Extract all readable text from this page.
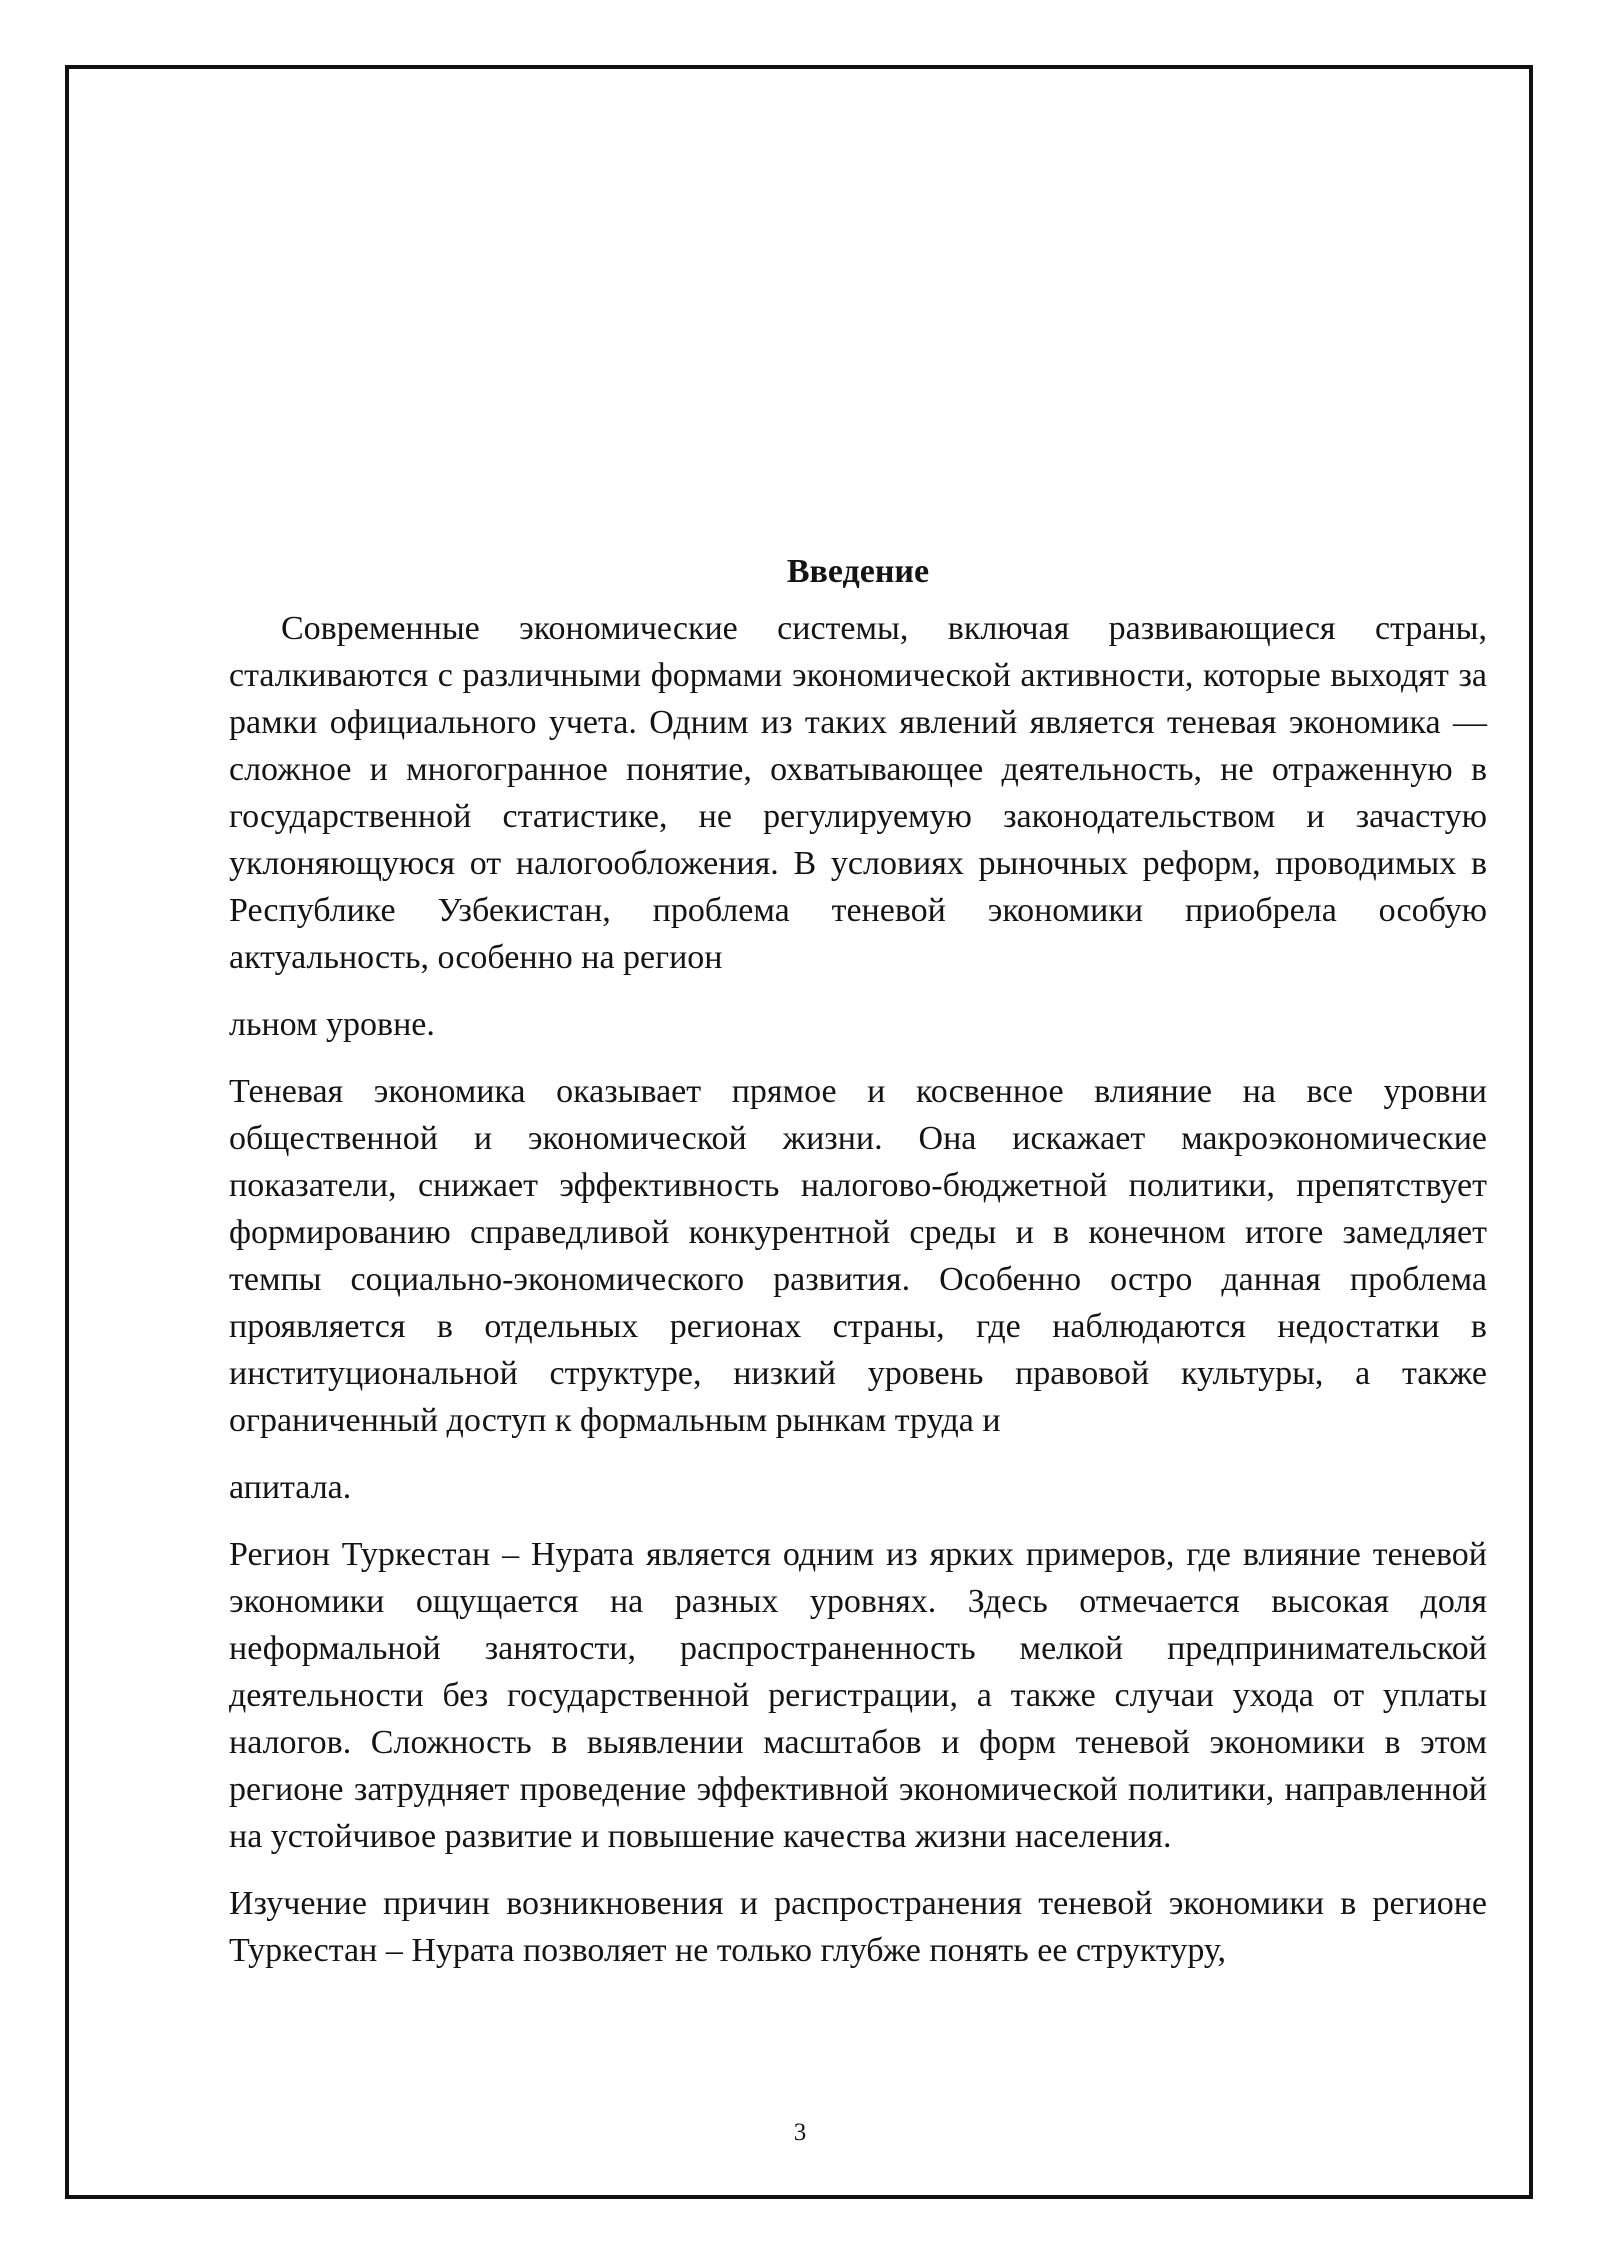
Введение

Современные экономические системы, включая развивающиеся страны, сталкиваются с различными формами экономической активности, которые выходят за рамки официального учета. Одним из таких явлений является теневая экономика — сложное и многогранное понятие, охватывающее деятельность, не отраженную в государственной статистике, не регулируемую законодательством и зачастую уклоняющуюся от налогообложения. В условиях рыночных реформ, проводимых в Республике Узбекистан, проблема теневой экономики приобрела особую актуальность, особенно на регион

льном уровне.

Теневая экономика оказывает прямое и косвенное влияние на все уровни общественной и экономической жизни. Она искажает макроэкономические показатели, снижает эффективность налогово-бюджетной политики, препятствует формированию справедливой конкурентной среды и в конечном итоге замедляет темпы социально-экономического развития. Особенно остро данная проблема проявляется в отдельных регионах страны, где наблюдаются недостатки в институциональной структуре, низкий уровень правовой культуры, а также ограниченный доступ к формальным рынкам труда и

апитала.

Регион Туркестан – Нурата является одним из ярких примеров, где влияние теневой экономики ощущается на разных уровнях. Здесь отмечается высокая доля неформальной занятости, распространенность мелкой предпринимательской деятельности без государственной регистрации, а также случаи ухода от уплаты налогов. Сложность в выявлении масштабов и форм теневой экономики в этом регионе затрудняет проведение эффективной экономической политики, направленной на устойчивое развитие и повышение качества жизни населения.

Изучение причин возникновения и распространения теневой экономики в регионе Туркестан – Нурата позволяет не только глубже понять ее структуру,

3
